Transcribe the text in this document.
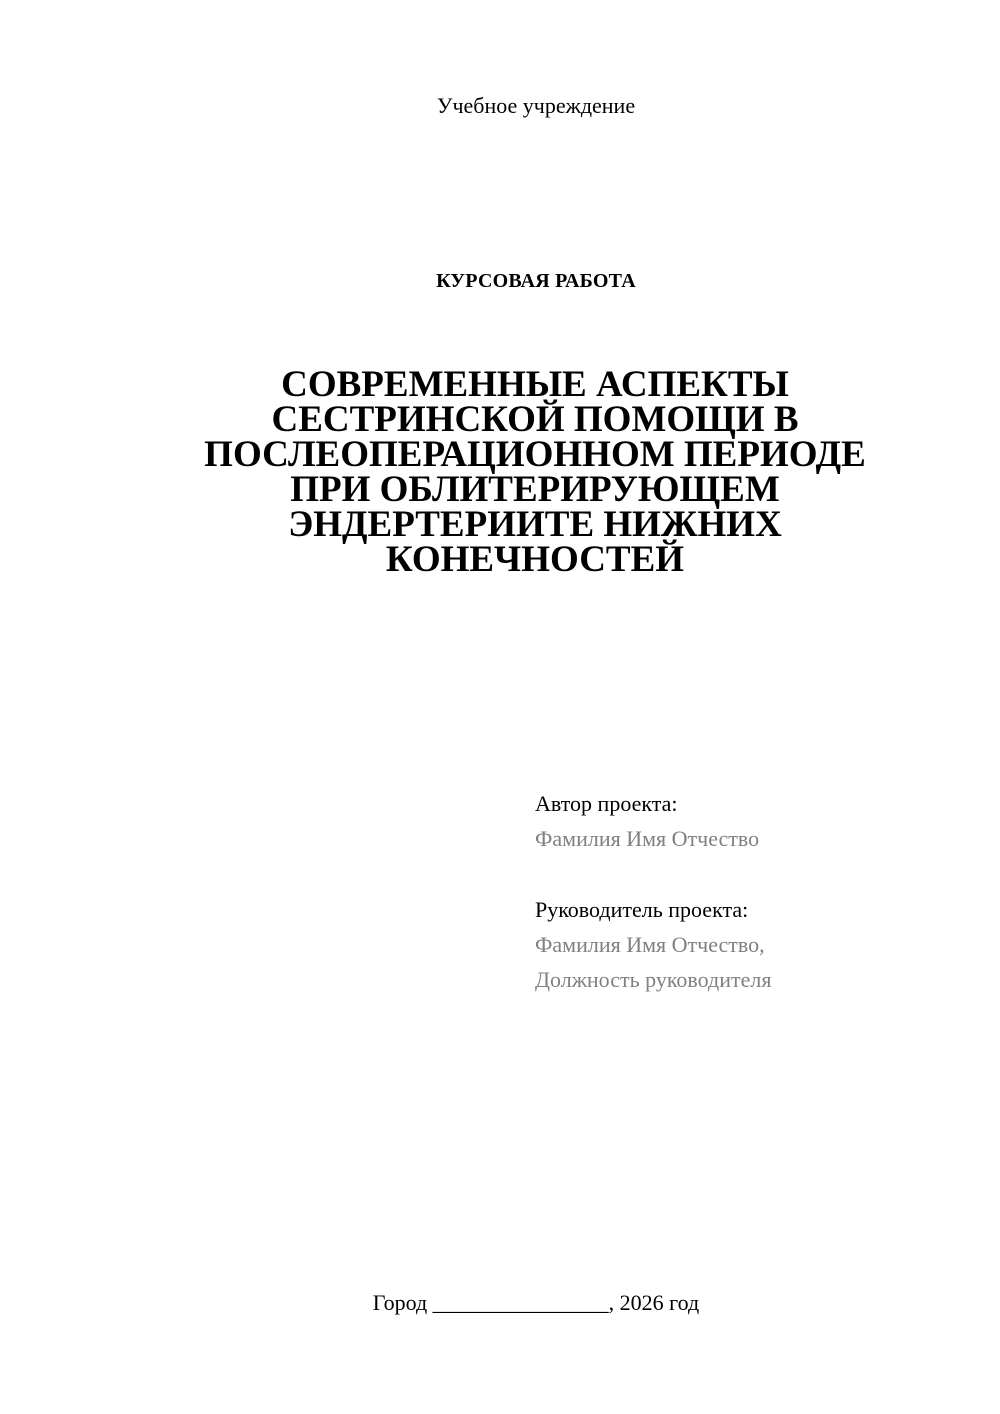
Учебное учреждение
КУРСОВАЯ РАБОТА
СОВРЕМЕННЫЕ АСПЕКТЫ
СЕСТРИНСКОЙ ПОМОЩИ В
ПОСЛЕОПЕРАЦИОННОМ ПЕРИОДЕ
ПРИ ОБЛИТЕРИРУЮЩЕМ
ЭНДЕРТЕРИИТЕ НИЖНИХ
КОНЕЧНОСТЕЙ
Автор проекта:
Фамилия Имя Отчество
Руководитель проекта:
Фамилия Имя Отчество,
Должность руководителя
Город ________________, 2026 год
